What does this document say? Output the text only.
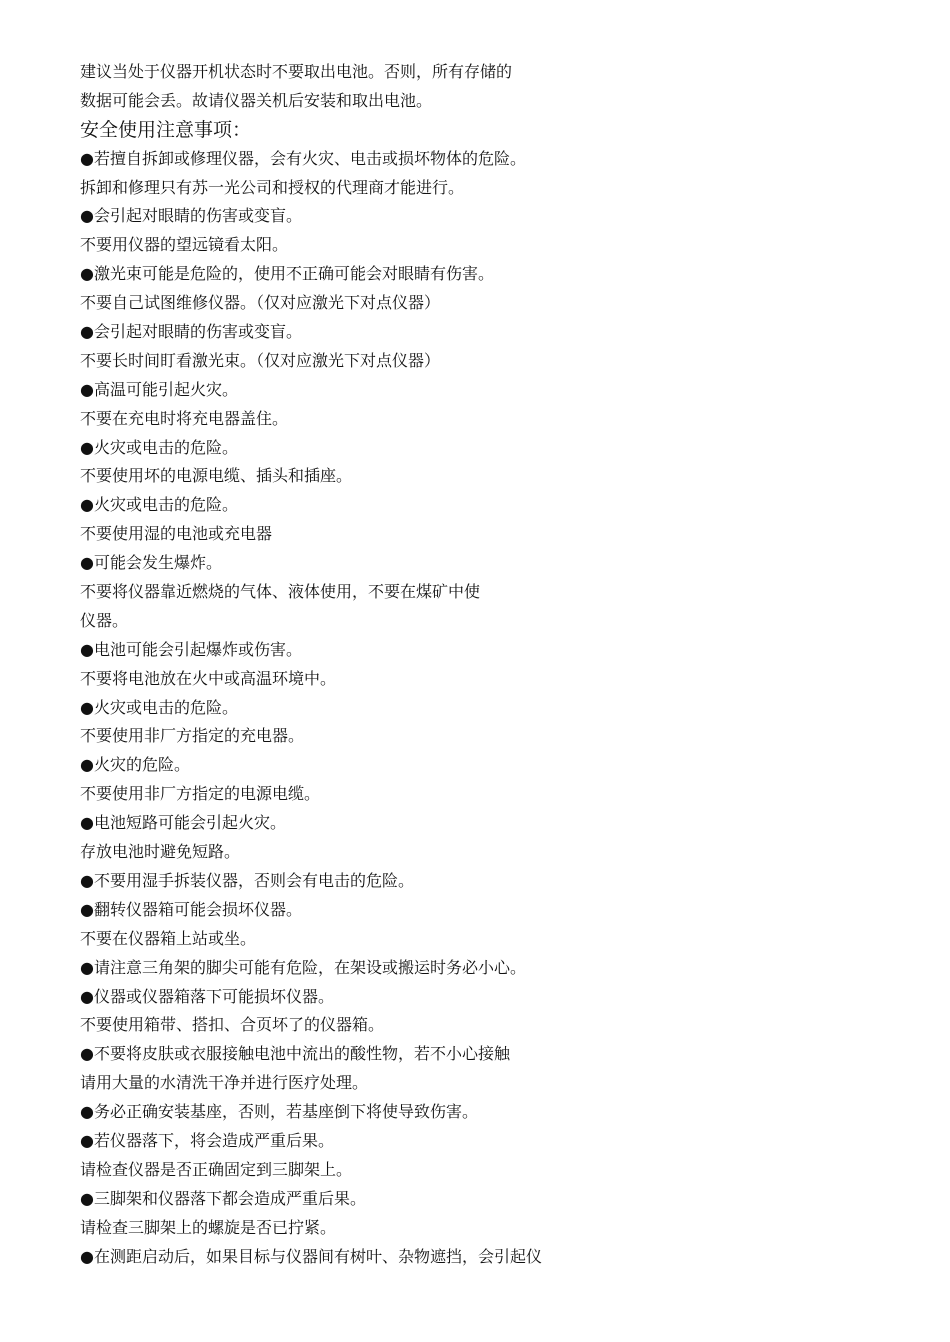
建议当处于仪器开机状态时不要取出电池。否则，所有存储的
数据可能会丢。故请仪器关机后安装和取出电池。
安全使用注意事项：
●若擅自拆卸或修理仪器，会有火灾、电击或损坏物体的危险。
拆卸和修理只有苏一光公司和授权的代理商才能进行。
●会引起对眼睛的伤害或变盲。
不要用仪器的望远镜看太阳。
●激光束可能是危险的，使用不正确可能会对眼睛有伤害。
不要自己试图维修仪器。（仅对应激光下对点仪器）
●会引起对眼睛的伤害或变盲。
不要长时间盯看激光束。（仅对应激光下对点仪器）
●高温可能引起火灾。
不要在充电时将充电器盖住。
●火灾或电击的危险。
不要使用坏的电源电缆、插头和插座。
●火灾或电击的危险。
不要使用湿的电池或充电器
●可能会发生爆炸。
不要将仪器靠近燃烧的气体、液体使用，不要在煤矿中使
仪器。
●电池可能会引起爆炸或伤害。
不要将电池放在火中或高温环境中。
●火灾或电击的危险。
不要使用非厂方指定的充电器。
●火灾的危险。
不要使用非厂方指定的电源电缆。
●电池短路可能会引起火灾。
存放电池时避免短路。
●不要用湿手拆装仪器，否则会有电击的危险。
●翻转仪器箱可能会损坏仪器。
不要在仪器箱上站或坐。
●请注意三角架的脚尖可能有危险，在架设或搬运时务必小心。
●仪器或仪器箱落下可能损坏仪器。
不要使用箱带、搭扣、合页坏了的仪器箱。
●不要将皮肤或衣服接触电池中流出的酸性物，若不小心接触
请用大量的水清洗干净并进行医疗处理。
●务必正确安装基座，否则，若基座倒下将使导致伤害。
●若仪器落下，将会造成严重后果。
请检查仪器是否正确固定到三脚架上。
●三脚架和仪器落下都会造成严重后果。
请检查三脚架上的螺旋是否已拧紧。
●在测距启动后，如果目标与仪器间有树叶、杂物遮挡，会引起仪
